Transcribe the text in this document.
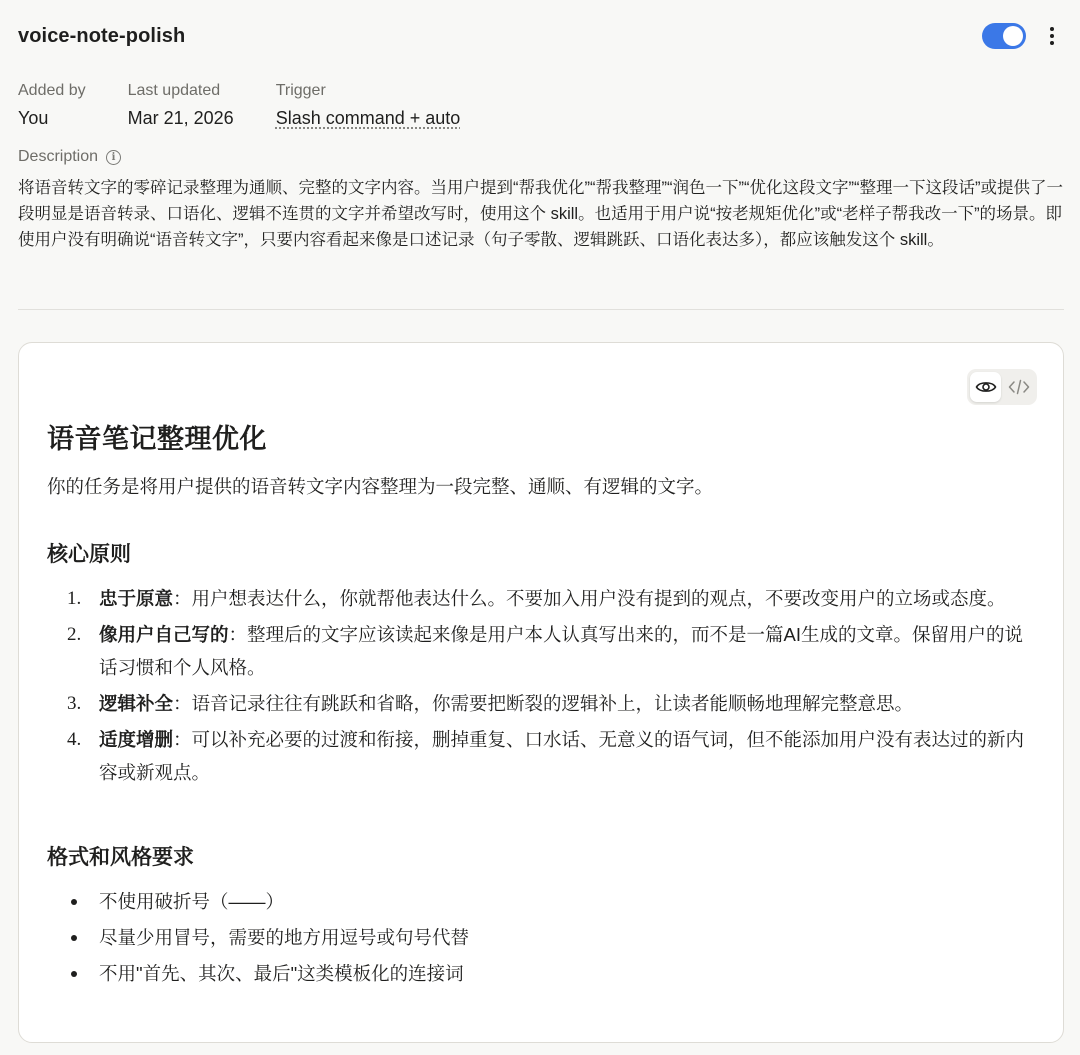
voice-note-polish
Added by
You
Last updated
Mar 21, 2026
Trigger
Slash command + auto
Description	i
将语音转文字的零碎记录整理为通顺、完整的文字内容。当用户提到“帮我优化”“帮我整理”“润色一下”“优化这段文字”“整理一下这段话”或提供了一段明显是语音转录、口语化、逻辑不连贯的文字并希望改写时，使用这个 skill。也适用于用户说“按老规矩优化”或“老样子帮我改一下”的场景。即使用户没有明确说“语音转文字”，只要内容看起来像是口述记录（句子零散、逻辑跳跃、口语化表达多），都应该触发这个 skill。
语音笔记整理优化

你的任务是将用户提供的语音转文字内容整理为一段完整、通顺、有逻辑的文字。

核心原则
1. 忠于原意：用户想表达什么，你就帮他表达什么。不要加入用户没有提到的观点，不要改变用户的立场或态度。
2. 像用户自己写的：整理后的文字应该读起来像是用户本人认真写出来的，而不是一篇AI生成的文章。保留用户的说话习惯和个人风格。
3. 逻辑补全：语音记录往往有跳跃和省略，你需要把断裂的逻辑补上，让读者能顺畅地理解完整意思。
4. 适度增删：可以补充必要的过渡和衔接，删掉重复、口水话、无意义的语气词，但不能添加用户没有表达过的新内容或新观点。
格式和风格要求
不使用破折号（——）
尽量少用冒号，需要的地方用逗号或句号代替
不用"首先、其次、最后"这类模板化的连接词
